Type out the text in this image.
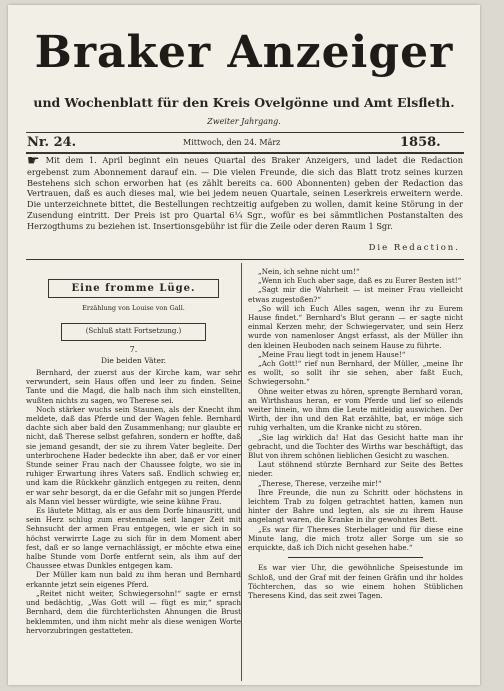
Braker Anzeiger
und Wochenblatt für den Kreis Ovelgönne und Amt Elsfleth.
Zweiter Jahrgang.
Nr. 24.	Mittwoch, den 24. März	1858.
☛ Mit dem 1. April beginnt ein neues Quartal des Braker Anzeigers, und ladet die Redaction ergebenst zum Abonnement darauf ein. — Die vielen Freunde, die sich das Blatt trotz seines kurzen Bestehens sich schon erworben hat (es zählt bereits ca. 600 Abonnenten) geben der Redaction das Vertrauen, daß es auch dieses mal, wie bei jedem neuen Quartale, seinen Leserkreis erweitern werde. Die unterzeichnete bittet, die Bestellungen rechtzeitig aufgeben zu wollen, damit keine Störung in der Zusendung eintritt. Der Preis ist pro Quartal 6¼ Sgr., wofür es bei sämmtlichen Postanstalten des Herzogthums zu beziehen ist. Insertionsgebühr ist für die Zeile oder deren Raum 1 Sgr.
Die Redaction.
Eine fromme Lüge.
Erzählung von Louise von Gall.
(Schluß statt Fortsetzung.)
7.
Die beiden Väter.

Bernhard, der zuerst aus der Kirche kam, war sehr verwundert, sein Haus offen und leer zu finden. Seine Tante und die Magd, die halb nach ihm sich einstellten, wußten nichts zu sagen, wo Therese sei.

Noch stärker wuchs sein Staunen, als der Knecht ihm meldete, daß das Pferde und der Wagen fehle. Bernhard dachte sich aber bald den Zusammenhang; nur glaubte er nicht, daß Therese selbst gefahren, sondern er hoffte, daß sie jemand gesandt, der sie zu ihrem Vater begleite. Der unterbrochene Hader bedeckte ihn aber, daß er vor einer Stunde seiner Frau nach der Chaussee folgte, wo sie in ruhiger Erwartung ihres Vaters saß. Endlich schwieg er, und kam die Rückkehr gänzlich entgegen zu reiten, denn er war sehr besorgt, da er die Gefahr mit so jungen Pferde als Mann viel besser würdigte, wie seine kühne Frau.

Es läutete Mittag, als er aus dem Dorfe hinausritt, und sein Herz schlug zum erstenmale seit langer Zeit mit Sehnsucht der armen Frau entgegen, wie er sich in so höchst verwirrte Lage zu sich für in dem Moment aber fest, daß er so lange vernachlässigt, er möchte etwa eine halbe Stunde vom Dorfe entfernt sein, als ihm auf der Chaussee etwas Dunkles entgegen kam.

Der Müller kam nun bald zu ihm heran und Bernhard erkannte jetzt sein eigenes Pferd.

„Reitet nicht weiter, Schwiegersohn!“ sagte er ernst und bedächtig, „Was Gott will — fügt es mir,“ sprach Bernhard, dem die fürchterlichsten Ahnungen die Brust beklemmten, und ihm nicht mehr als diese wenigen Worte hervorzubringen gestatteten.

„Nein, ich sehne nicht um!“

„Wenn ich Euch aber sage, daß es zu Eurer Besten ist!“

„Sagt mir die Wahrheit — ist meiner Frau vielleicht etwas zugestoßen?“

„So will ich Euch Alles sagen, wenn ihr zu Eurem Hause findet.“ Bernhard's Blut gerann — er sagte nicht einmal Kerzen mehr, der Schwiegervater, und sein Herz wurde von namenloser Angst erfasst, als der Müller ihn den kleinen Heuboden nach seinem Hause zu führte.

„Meine Frau liegt todt in jenem Hause!“

„Ach Gott!“ rief nun Bernhard, der Müller, „meine Ihr es wollt, so sollt ihr sie sehen, aber faßt Euch, Schwiegersohn.“

Ohne weiter etwas zu hören, sprengte Bernhard voran, an Wirthshaus heran, er vom Pferde und lief so eilends weiter hinein, wo ihm die Leute mitleidig auswichen. Der Wirth, der ihn und den Rat erzählte, bat, er möge sich ruhig verhalten, um die Kranke nicht zu stören.

„Sie lag wirklich da! Hat das Gesicht hatte man ihr gebracht, und die Tochter des Wirths war beschäftigt, das Blut von ihrem schönen lieblichen Gesicht zu waschen.

Laut stöhnend stürzte Bernhard zur Seite des Bettes nieder.

„Therese, Therese, verzeihe mir!“

Ihre Freunde, die nun zu Schritt oder höchstens in leichtem Trab zu folgen getrachtet hatten, kamen nun hinter der Bahre und legten, als sie zu ihrem Hause angelangt waren, die Kranke in ihr gewohntes Bett.

„Es war für Thereses Sterbelager und für diese eine Minute lang, die mich trotz aller Sorge um sie so erquickte, daß ich Dich nicht gesehen habe.“

Es war vier Uhr, die gewöhnliche Speisestunde im Schloß, und der Graf mit der feinen Gräfin und ihr holdes Töchterchen, das so wie einem hohen Stüblichen Theresens Kind, das seit zwei Tagen.
